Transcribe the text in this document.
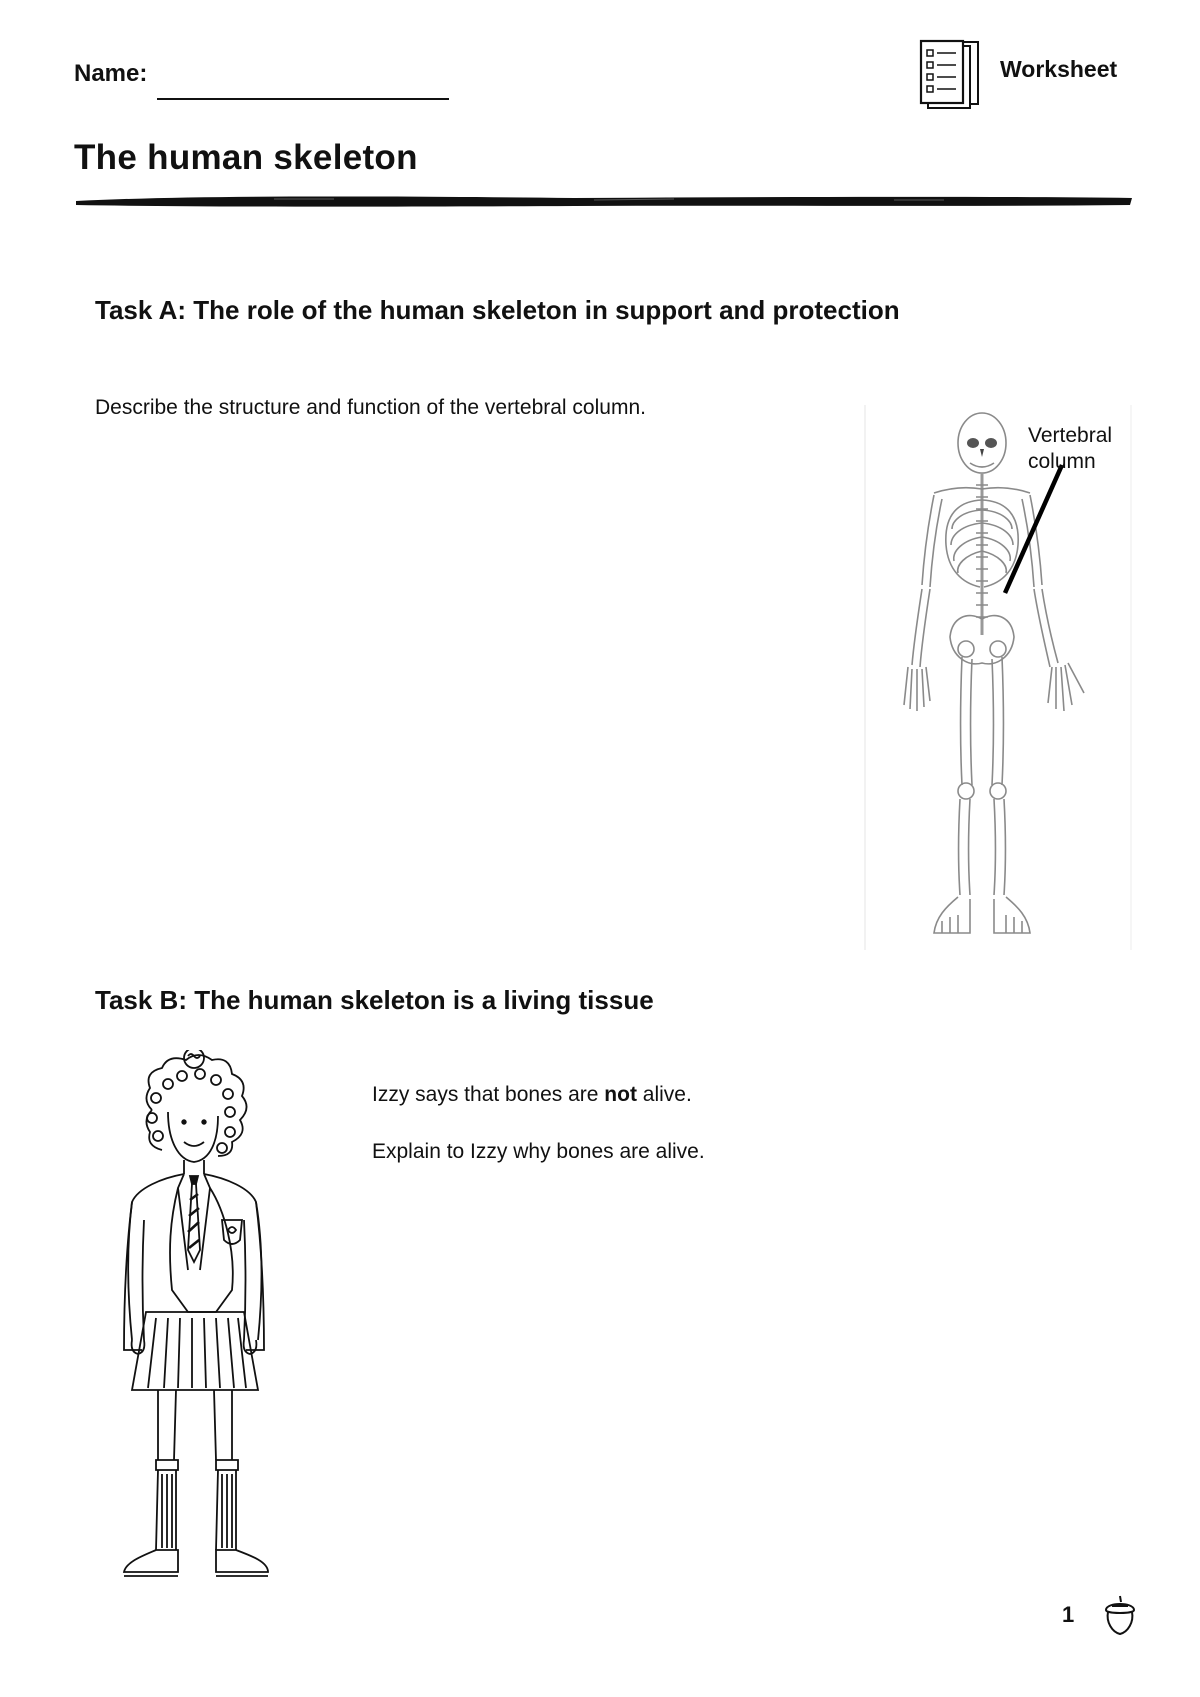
Name:	Worksheet
The human skeleton
Task A: The role of the human skeleton in support and protection
Describe the structure and function of the vertebral column.
Vertebral column
Task B: The human skeleton is a living tissue
Izzy says that bones are not alive.
Explain to Izzy why bones are alive.
1
